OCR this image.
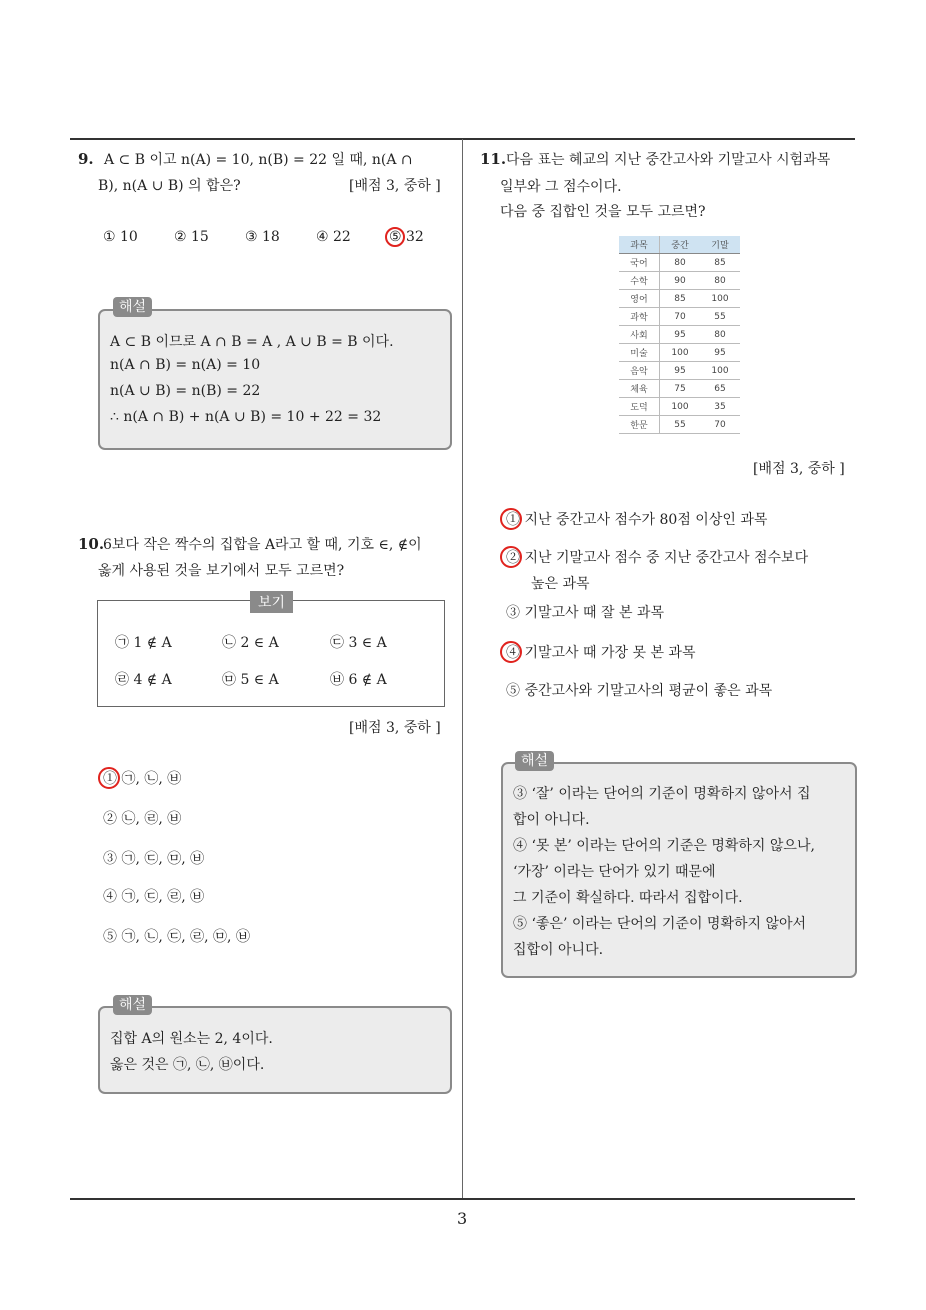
9. A ⊂ B 이고 n(A) = 10, n(B) = 22 일 때, n(A ∩
B), n(A ∪ B) 의 합은?	[배점 3, 중하 ]
① 10	② 15	③ 18	④ 22	⑤ 32
해설
A ⊂ B 이므로 A ∩ B = A , A ∪ B = B 이다.
n(A ∩ B) = n(A) = 10
n(A ∪ B) = n(B) = 22
∴ n(A ∩ B) + n(A ∪ B) = 10 + 22 = 32
10.
6보다 작은 짝수의 집합을 A라고 할 때, 기호 ∈, ∉이
옳게 사용된 것을 보기에서 모두 고르면?
보기
㉠ 1 ∉ A	㉡ 2 ∈ A	㉢ 3 ∈ A
㉣ 4 ∉ A	㉤ 5 ∈ A	㉥ 6 ∉ A
[배점 3, 중하 ]
① ㉠, ㉡, ㉥
② ㉡, ㉣, ㉥
③ ㉠, ㉢, ㉤, ㉥
④ ㉠, ㉢, ㉣, ㉥
⑤ ㉠, ㉡, ㉢, ㉣, ㉤, ㉥
해설
집합 A의 원소는 2, 4이다.
옳은 것은 ㉠, ㉡, ㉥이다.
11. 다음 표는 혜교의 지난 중간고사와 기말고사 시험과목
일부와 그 점수이다.
다음 중 집합인 것을 모두 고르면?
과목	중간	기말
국어	80	85
수학	90	80
영어	85	100
과학	70	55
사회	95	80
미술	100	95
음악	95	100
체육	75	65
도덕	100	35
한문	55	70
[배점 3, 중하 ]
① 지난 중간고사 점수가 80점 이상인 과목
② 지난 기말고사 점수 중 지난 중간고사 점수보다
높은 과목
③ 기말고사 때 잘 본 과목
④ 기말고사 때 가장 못 본 과목
⑤ 중간고사와 기말고사의 평균이 좋은 과목
해설
③ ‘잘’ 이라는 단어의 기준이 명확하지 않아서 집
합이 아니다.
④ ‘못 본’ 이라는 단어의 기준은 명확하지 않으나,
‘가장’ 이라는 단어가 있기 때문에
그 기준이 확실하다. 따라서 집합이다.
⑤ ‘좋은’ 이라는 단어의 기준이 명확하지 않아서
집합이 아니다.
3
